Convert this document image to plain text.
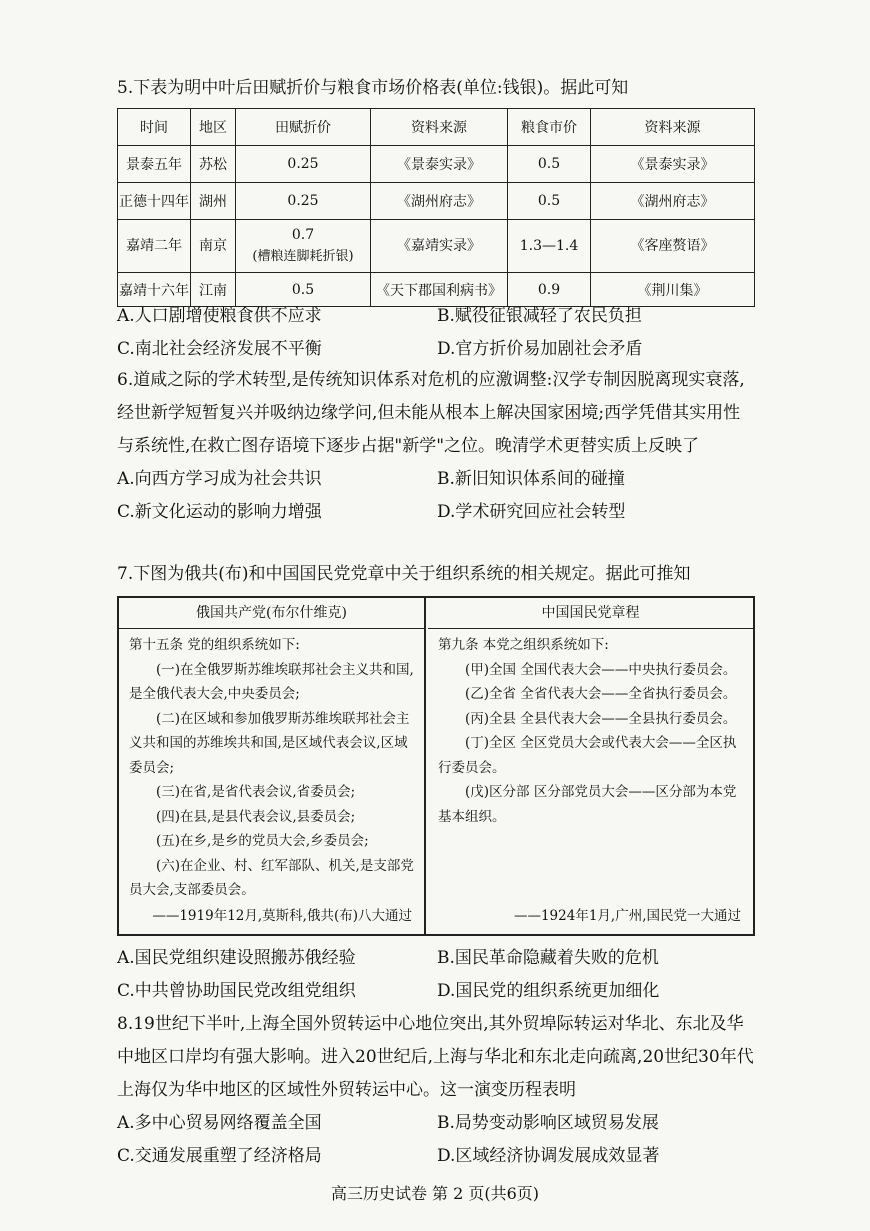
5.下表为明中叶后田赋折价与粮食市场价格表(单位:钱银)。据此可知

时间	地区	田赋折价	资料来源	粮食市价	资料来源
景泰五年	苏松	0.25	《景泰实录》	0.5	《景泰实录》
正德十四年	湖州	0.25	《湖州府志》	0.5	《湖州府志》
嘉靖二年	南京	0.7
(槽粮连脚耗折银)	《嘉靖实录》	1.3—1.4	《客座赘语》
嘉靖十六年	江南	0.5	《天下郡国利病书》	0.9	《荆川集》
A.人口剧增使粮食供不应求	B.赋役征银减轻了农民负担
C.南北社会经济发展不平衡	D.官方折价易加剧社会矛盾

6.道咸之际的学术转型,是传统知识体系对危机的应激调整:汉学专制因脱离现实衰落,经世新学短暂复兴并吸纳边缘学问,但未能从根本上解决国家困境;西学凭借其实用性与系统性,在救亡图存语境下逐步占据"新学"之位。晚清学术更替实质上反映了

A.向西方学习成为社会共识	B.新旧知识体系间的碰撞
C.新文化运动的影响力增强	D.学术研究回应社会转型

7.下图为俄共(布)和中国国民党党章中关于组织系统的相关规定。据此可推知

俄国共产党(布尔什维克)

第十五条 党的组织系统如下:

(一)在全俄罗斯苏维埃联邦社会主义共和国,是全俄代表大会,中央委员会;

(二)在区域和参加俄罗斯苏维埃联邦社会主义共和国的苏维埃共和国,是区域代表会议,区域委员会;

(三)在省,是省代表会议,省委员会;

(四)在县,是县代表会议,县委员会;

(五)在乡,是乡的党员大会,乡委员会;

(六)在企业、村、红军部队、机关,是支部党员大会,支部委员会。

——1919年12月,莫斯科,俄共(布)八大通过
中国国民党章程

第九条 本党之组织系统如下:

(甲)全国 全国代表大会——中央执行委员会。

(乙)全省 全省代表大会——全省执行委员会。

(丙)全县 全县代表大会——全县执行委员会。

(丁)全区 全区党员大会或代表大会——全区执行委员会。

(戊)区分部 区分部党员大会——区分部为本党基本组织。

——1924年1月,广州,国民党一大通过
A.国民党组织建设照搬苏俄经验	B.国民革命隐藏着失败的危机
C.中共曾协助国民党改组党组织	D.国民党的组织系统更加细化

8.19世纪下半叶,上海全国外贸转运中心地位突出,其外贸埠际转运对华北、东北及华中地区口岸均有强大影响。进入20世纪后,上海与华北和东北走向疏离,20世纪30年代上海仅为华中地区的区域性外贸转运中心。这一演变历程表明

A.多中心贸易网络覆盖全国	B.局势变动影响区域贸易发展
C.交通发展重塑了经济格局	D.区域经济协调发展成效显著
高三历史试卷 第 2 页(共6页)
